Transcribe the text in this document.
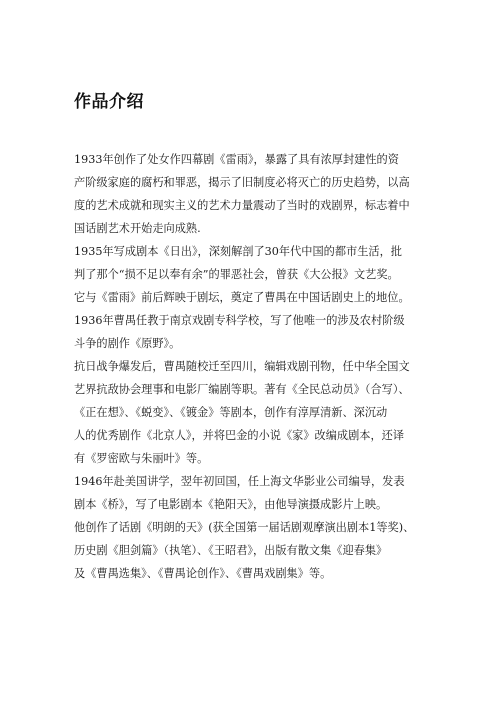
作品介绍
1933年创作了处女作四幕剧《雷雨》，暴露了具有浓厚封建性的资
产阶级家庭的腐朽和罪恶，揭示了旧制度必将灭亡的历史趋势，以高
度的艺术成就和现实主义的艺术力量震动了当时的戏剧界，标志着中
国话剧艺术开始走向成熟.
1935年写成剧本《日出》，深刻解剖了30年代中国的都市生活，批
判了那个“损不足以奉有余”的罪恶社会，曾获《大公报》文艺奖。
它与《雷雨》前后辉映于剧坛，奠定了曹禺在中国话剧史上的地位。
1936年曹禺任教于南京戏剧专科学校，写了他唯一的涉及农村阶级
斗争的剧作《原野》。
抗日战争爆发后，曹禺随校迁至四川，编辑戏剧刊物，任中华全国文
艺界抗敌协会理事和电影厂编剧等职。著有《全民总动员》（合写）、
《正在想》、《蜕变》、《镀金》等剧本，创作有淳厚清新、深沉动
人的优秀剧作《北京人》，并将巴金的小说《家》改编成剧本，还译
有《罗密欧与朱丽叶》等。
1946年赴美国讲学，翌年初回国，任上海文华影业公司编导，发表
剧本《桥》，写了电影剧本《艳阳天》，由他导演摄成影片上映。
他创作了话剧《明朗的天》(获全国第一届话剧观摩演出剧本1等奖)、
历史剧《胆剑篇》（执笔）、《王昭君》，出版有散文集《迎春集》
及《曹禺选集》、《曹禺论创作》、《曹禺戏剧集》等。
